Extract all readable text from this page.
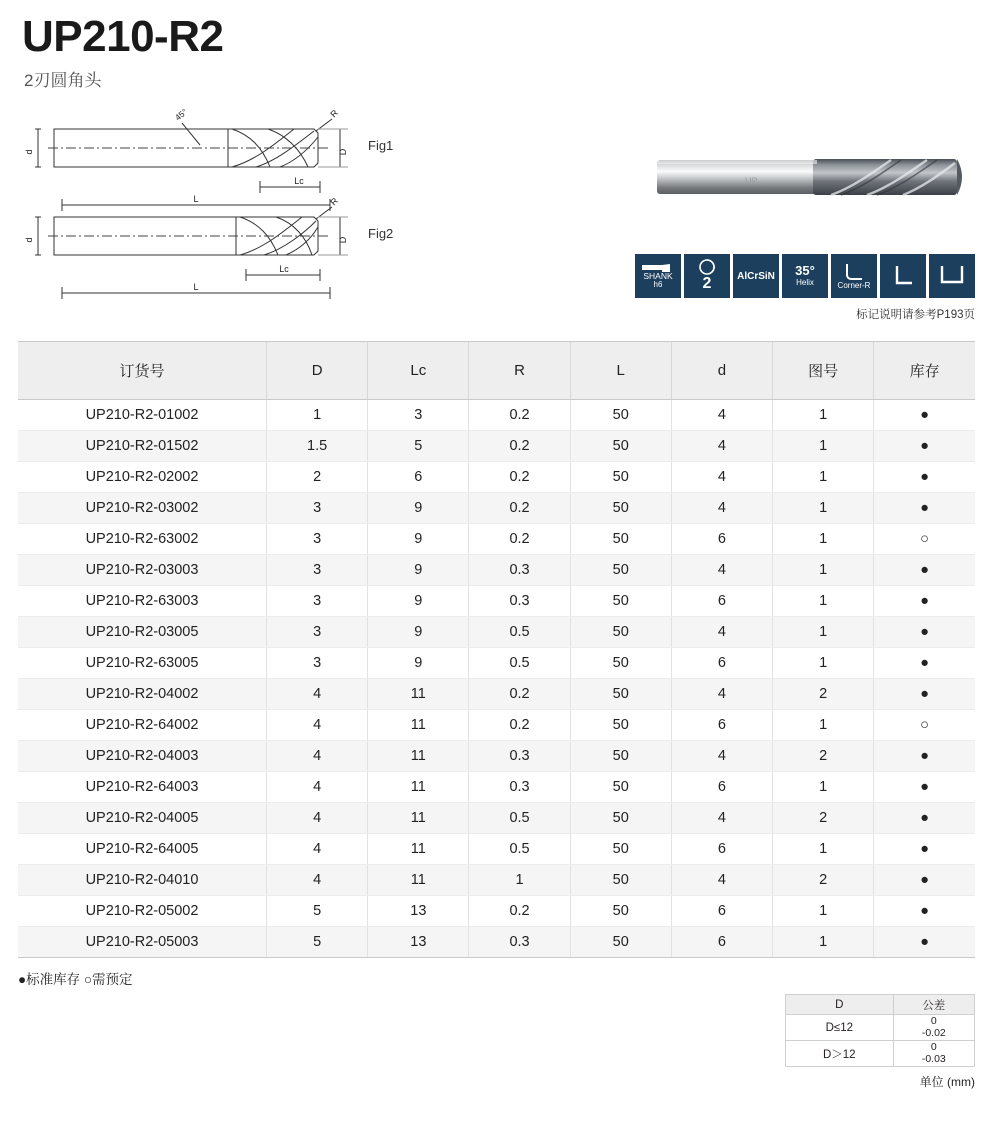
UP210-R2
2刃圆角头
d	D
Lc
L
45°	R
d	D
Lc
L
R
Fig1
Fig2
UP
SHANK
h6	2	AlCrSiN 35°
Helix	Corner-R
标记说明请参考P193页
订货号	D	Lc	R	L	d	图号	库存
UP210-R2-01002	1	3	0.2	50	4	1	●
UP210-R2-01502	1.5	5	0.2	50	4	1	●
UP210-R2-02002	2	6	0.2	50	4	1	●
UP210-R2-03002	3	9	0.2	50	4	1	●
UP210-R2-63002	3	9	0.2	50	6	1	○
UP210-R2-03003	3	9	0.3	50	4	1	●
UP210-R2-63003	3	9	0.3	50	6	1	●
UP210-R2-03005	3	9	0.5	50	4	1	●
UP210-R2-63005	3	9	0.5	50	6	1	●
UP210-R2-04002	4	11	0.2	50	4	2	●
UP210-R2-64002	4	11	0.2	50	6	1	○
UP210-R2-04003	4	11	0.3	50	4	2	●
UP210-R2-64003	4	11	0.3	50	6	1	●
UP210-R2-04005	4	11	0.5	50	4	2	●
UP210-R2-64005	4	11	0.5	50	6	1	●
UP210-R2-04010	4	11	1	50	4	2	●
UP210-R2-05002	5	13	0.2	50	6	1	●
UP210-R2-05003	5	13	0.3	50	6	1	●
●标准库存 ○需预定
D	公差
D≤12	0
-0.02

D＞12	0
-0.03
单位 (mm)
